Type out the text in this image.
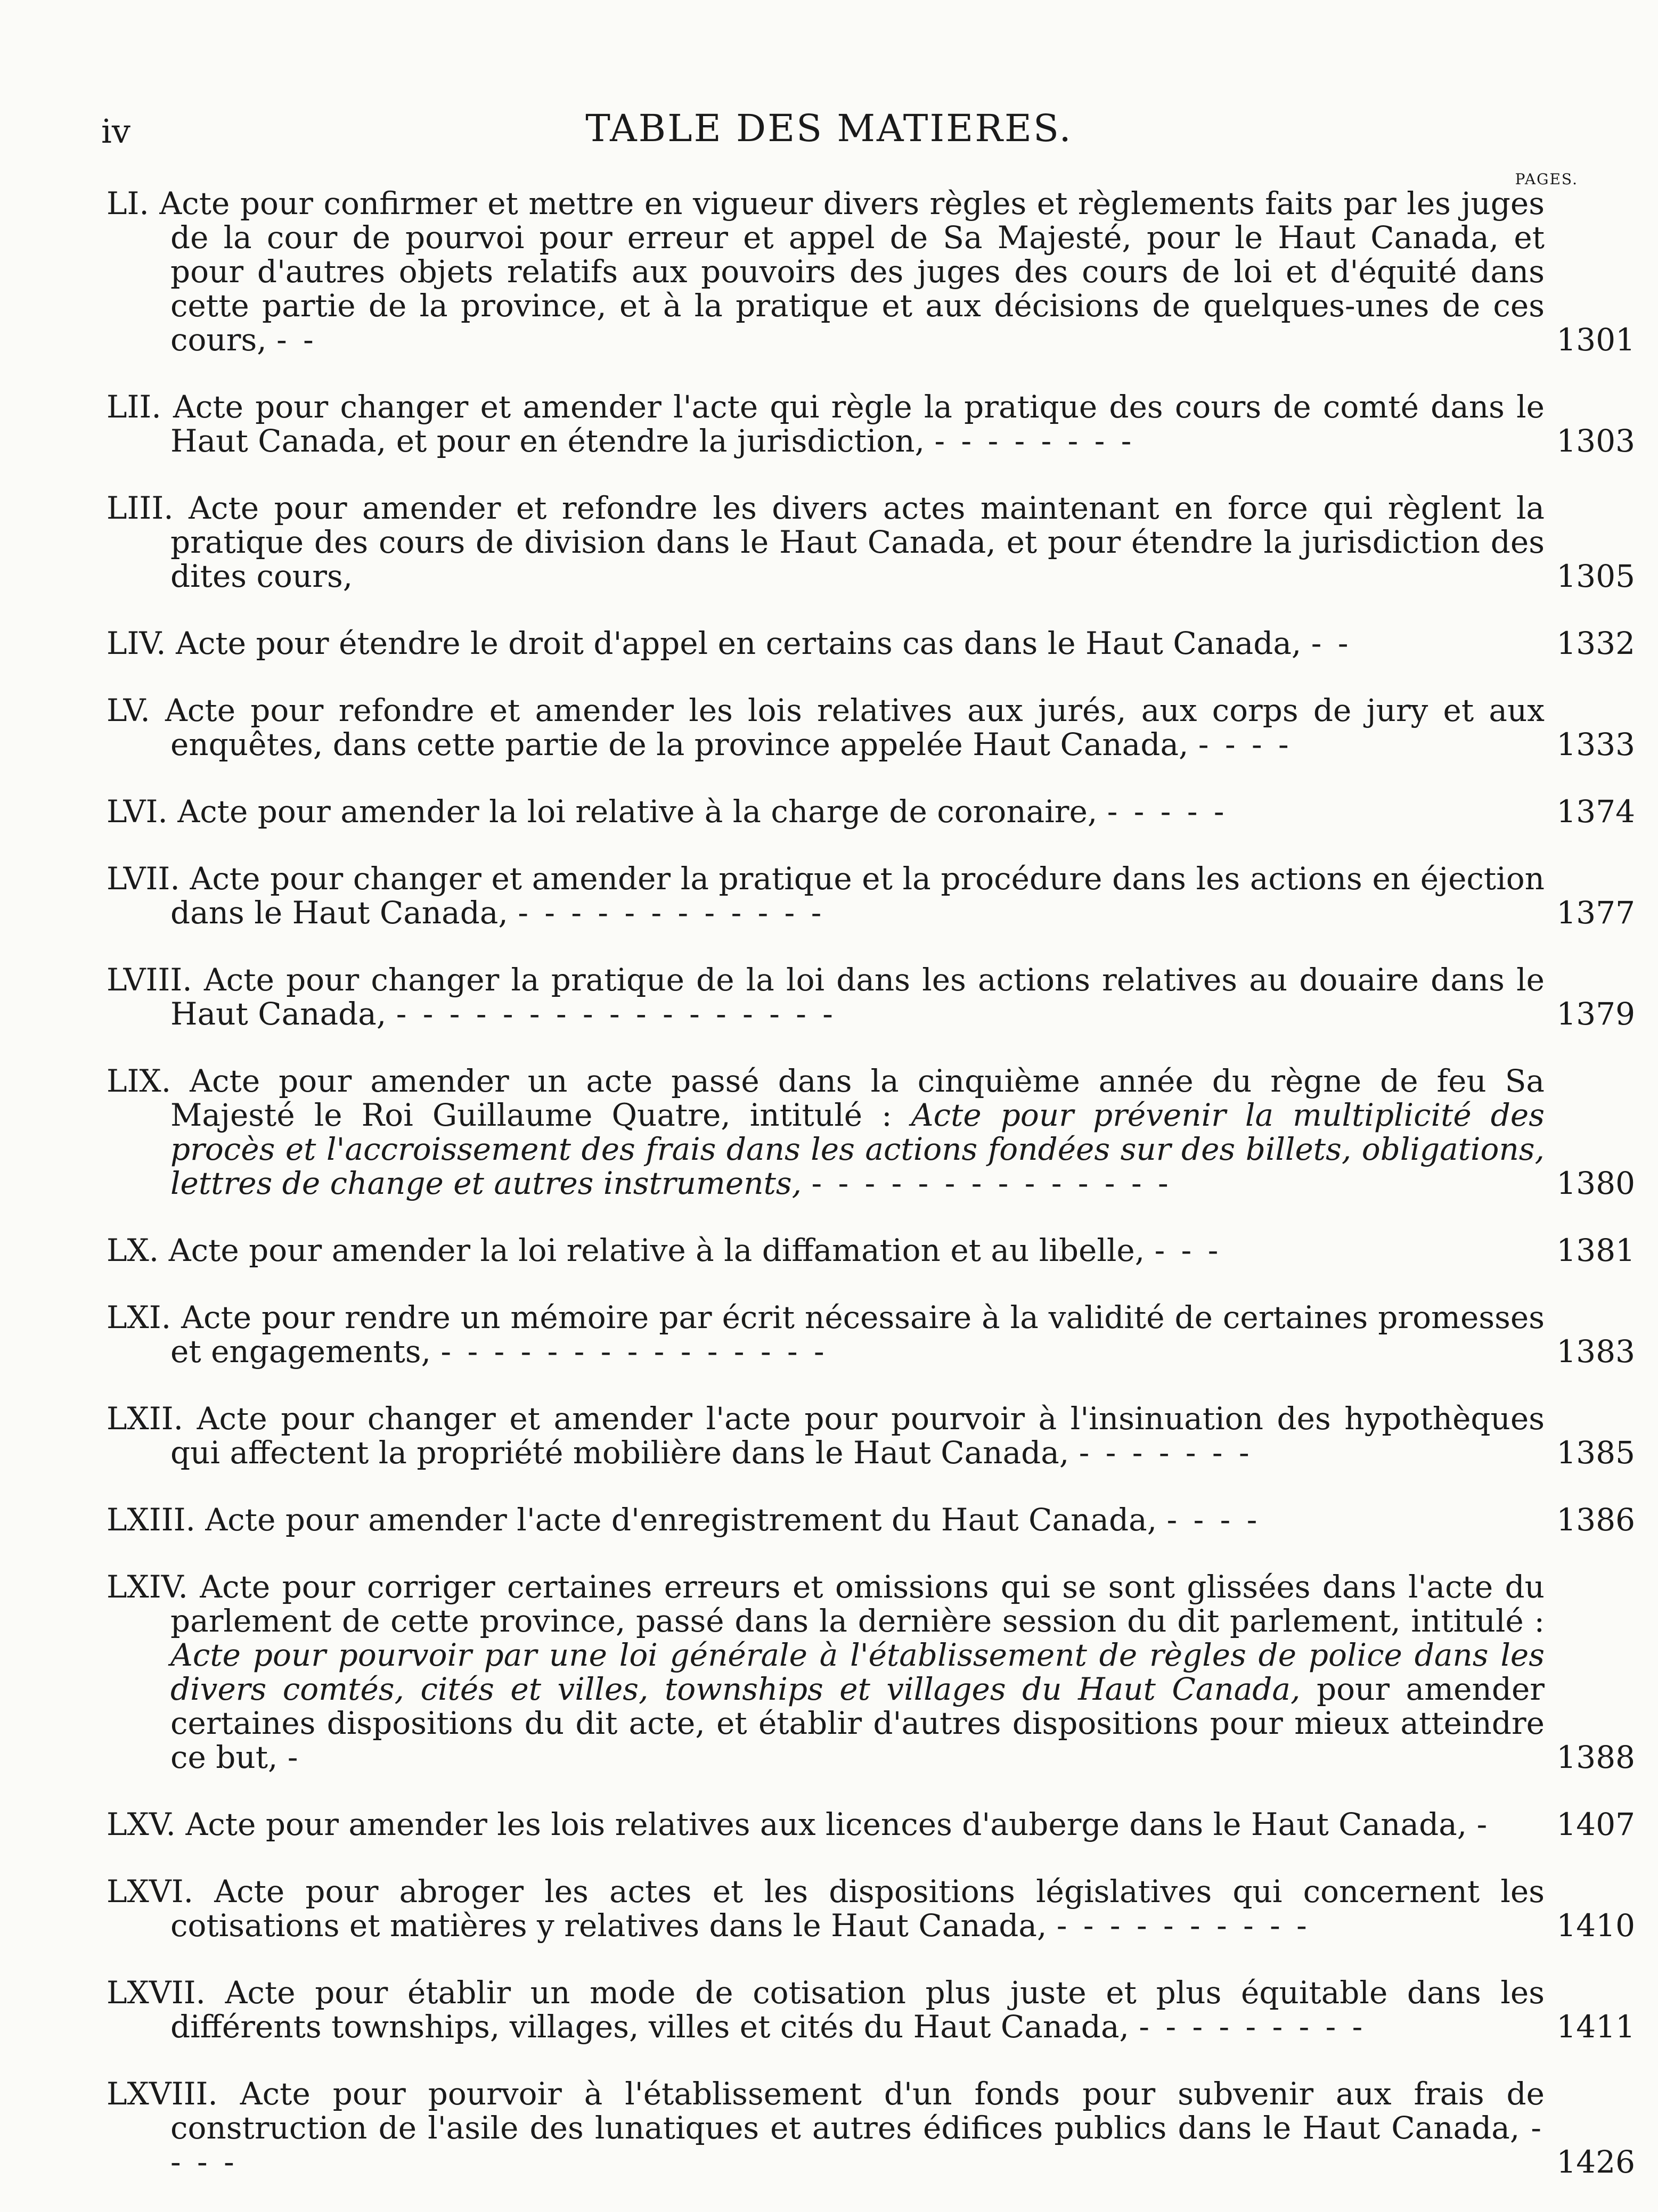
iv	TABLE DES MATIERES.
PAGES.
LI. Acte pour confirmer et mettre en vigueur divers règles et règlements faits par les juges de la cour de pourvoi pour erreur et appel de Sa Majesté, pour le Haut Canada, et pour d'autres objets relatifs aux pouvoirs des juges des cours de loi et d'équité dans cette partie de la province, et à la pratique et aux décisions de quelques-unes de ces cours, - -	1301
LII. Acte pour changer et amender l'acte qui règle la pratique des cours de comté dans le Haut Canada, et pour en étendre la jurisdiction, - - - - - - - -	1303
LIII. Acte pour amender et refondre les divers actes maintenant en force qui règlent la pratique des cours de division dans le Haut Canada, et pour étendre la jurisdiction des dites cours,	1305
LIV. Acte pour étendre le droit d'appel en certains cas dans le Haut Canada, - -	1332
LV. Acte pour refondre et amender les lois relatives aux jurés, aux corps de jury et aux enquêtes, dans cette partie de la province appelée Haut Canada, - - - -	1333
LVI. Acte pour amender la loi relative à la charge de coronaire, - - - - -	1374
LVII. Acte pour changer et amender la pratique et la procédure dans les actions en éjection dans le Haut Canada, - - - - - - - - - - - -	1377
LVIII. Acte pour changer la pratique de la loi dans les actions relatives au douaire dans le Haut Canada, - - - - - - - - - - - - - - - - -	1379
LIX. Acte pour amender un acte passé dans la cinquième année du règne de feu Sa Majesté le Roi Guillaume Quatre, intitulé : Acte pour prévenir la multiplicité des procès et l'accroissement des frais dans les actions fondées sur des billets, obligations, lettres de change et autres instruments, - - - - - - - - - - - - - -	1380
LX. Acte pour amender la loi relative à la diffamation et au libelle, - - -	1381
LXI. Acte pour rendre un mémoire par écrit nécessaire à la validité de certaines promesses et engagements, - - - - - - - - - - - - - - -	1383
LXII. Acte pour changer et amender l'acte pour pourvoir à l'insinuation des hypothèques qui affectent la propriété mobilière dans le Haut Canada, - - - - - - -	1385
LXIII. Acte pour amender l'acte d'enregistrement du Haut Canada, - - - -	1386
LXIV. Acte pour corriger certaines erreurs et omissions qui se sont glissées dans l'acte du parlement de cette province, passé dans la dernière session du dit parlement, intitulé : Acte pour pourvoir par une loi générale à l'établissement de règles de police dans les divers comtés, cités et villes, townships et villages du Haut Canada, pour amender certaines dispositions du dit acte, et établir d'autres dispositions pour mieux atteindre ce but, -	1388
LXV. Acte pour amender les lois relatives aux licences d'auberge dans le Haut Canada, - 1407
LXVI. Acte pour abroger les actes et les dispositions législatives qui concernent les cotisations et matières y relatives dans le Haut Canada, - - - - - - - - - -	1410
LXVII. Acte pour établir un mode de cotisation plus juste et plus équitable dans les différents townships, villages, villes et cités du Haut Canada, - - - - - - - - -	1411
LXVIII. Acte pour pourvoir à l'établissement d'un fonds pour subvenir aux frais de construction de l'asile des lunatiques et autres édifices publics dans le Haut Canada, - - - -	1426
